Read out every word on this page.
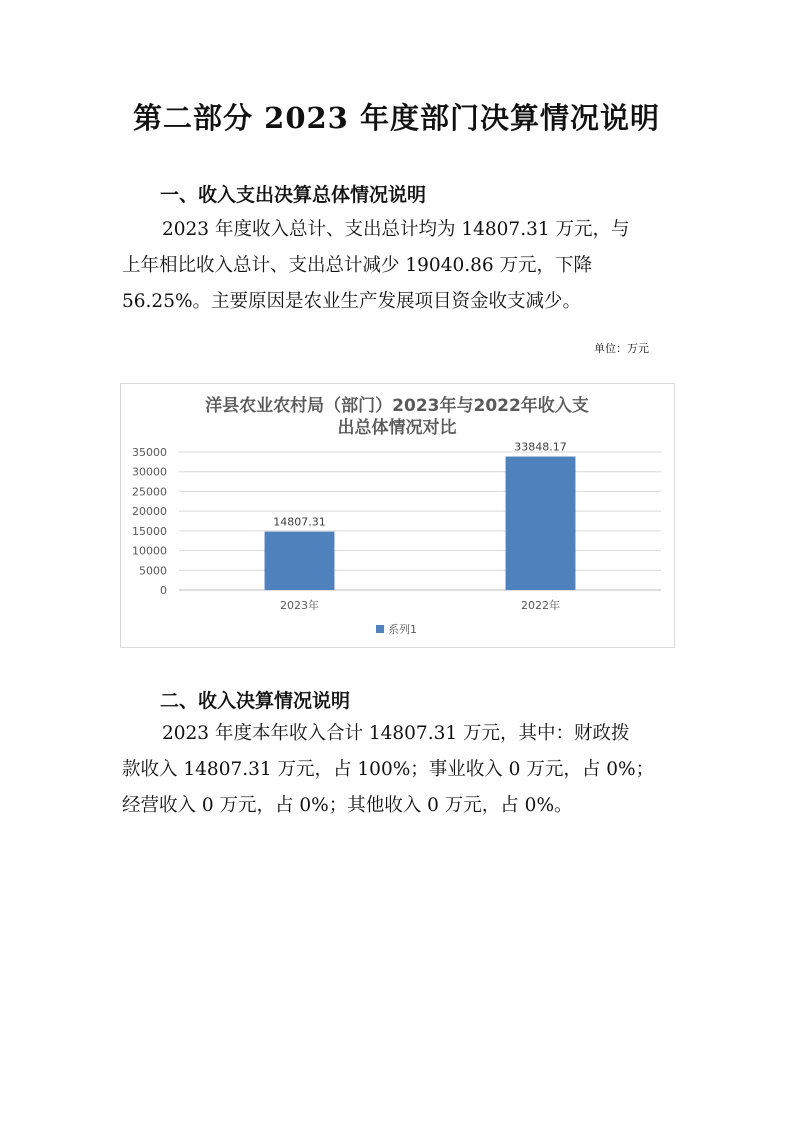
第二部分 2023 年度部门决算情况说明
一、收入支出决算总体情况说明
2023 年度收入总计、支出总计均为 14807.31 万元，与
上年相比收入总计、支出总计减少 19040.86 万元，下降
56.25%。主要原因是农业生产发展项目资金收支减少。
单位：万元
洋县农业农村局（部门）2023年与2022年收入支
出总体情况对比
0
5000
10000
15000
20000
25000
30000
35000
14807.31
2023年
33848.17
2022年
系列1
二、收入决算情况说明
2023 年度本年收入合计 14807.31 万元，其中：财政拨
款收入 14807.31 万元，占 100%；事业收入 0 万元，占 0%；
经营收入 0 万元，占 0%；其他收入 0 万元，占 0%。
